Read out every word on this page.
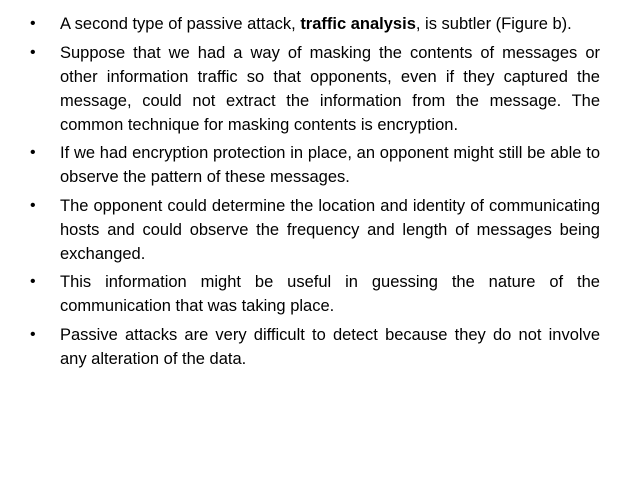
•	A second type of passive attack, traffic analysis, is subtler (Figure b).
•	Suppose that we had a way of masking the contents of messages or other information traffic so that opponents, even if they captured the message, could not extract the information from the message. The common technique for masking contents is encryption.
•	If we had encryption protection in place, an opponent might still be able to observe the pattern of these messages.
•	The opponent could determine the location and identity of communicating hosts and could observe the frequency and length of messages being exchanged.
•	This information might be useful in guessing the nature of the communication that was taking place.
•	Passive attacks are very difficult to detect because they do not involve any alteration of the data.
